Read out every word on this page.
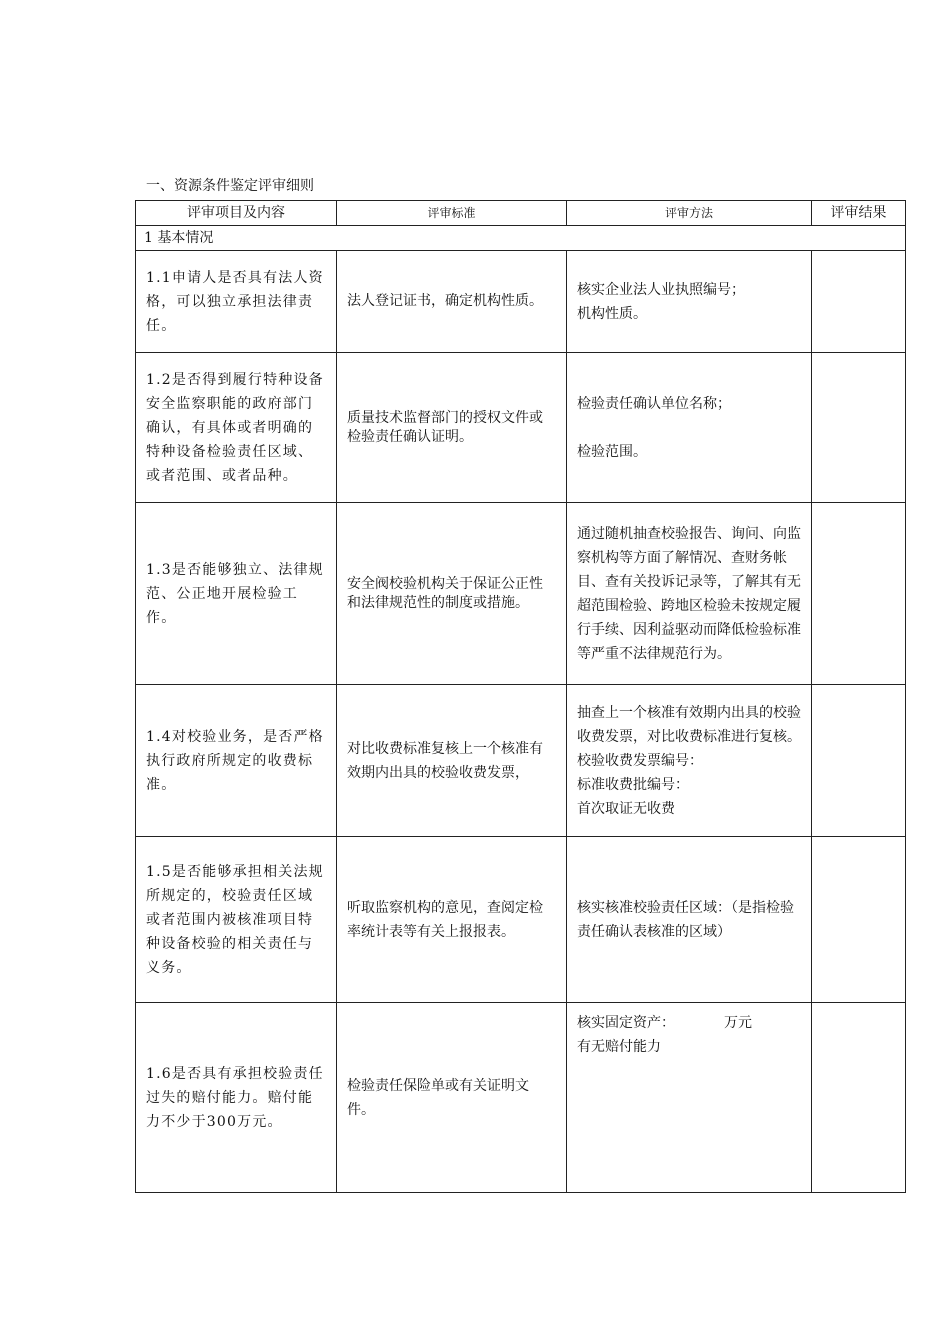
一、资源条件鉴定评审细则
评审项目及内容	评审标准	评审方法	评审结果
1 基本情况			
1.1申请人是否具有法人资格，可以独立承担法律责任。	法人登记证书，确定机构性质。	核实企业法人业执照编号；
机构性质。	

1.2是否得到履行特种设备安全监察职能的政府部门确认，有具体或者明确的特种设备检验责任区域、或者范围、或者品种。	质量技术监督部门的授权文件或检验责任确认证明。	检验责任确认单位名称；
检验范围。	

1.3是否能够独立、法律规范、公正地开展检验工作。	安全阀校验机构关于保证公正性和法律规范性的制度或措施。	通过随机抽查校验报告、询问、向监察机构等方面了解情况、查财务帐目、查有关投诉记录等，了解其有无超范围检验、跨地区检验未按规定履行手续、因利益驱动而降低检验标准等严重不法律规范行为。	

1.4对校验业务，是否严格执行政府所规定的收费标准。	对比收费标准复核上一个核准有效期内出具的校验收费发票，	抽查上一个核准有效期内出具的校验收费发票，对比收费标准进行复核。校验收费发票编号：
标准收费批编号：
首次取证无收费	

1.5是否能够承担相关法规所规定的，校验责任区域或者范围内被核准项目特种设备校验的相关责任与义务。	听取监察机构的意见，查阅定检率统计表等有关上报报表。	核实核准校验责任区域：（是指检验责任确认表核准的区域）	

1.6是否具有承担校验责任过失的赔付能力。赔付能力不少于300万元。	检验责任保险单或有关证明文件。	核实固定资产：　　　　万元
有无赔付能力	
